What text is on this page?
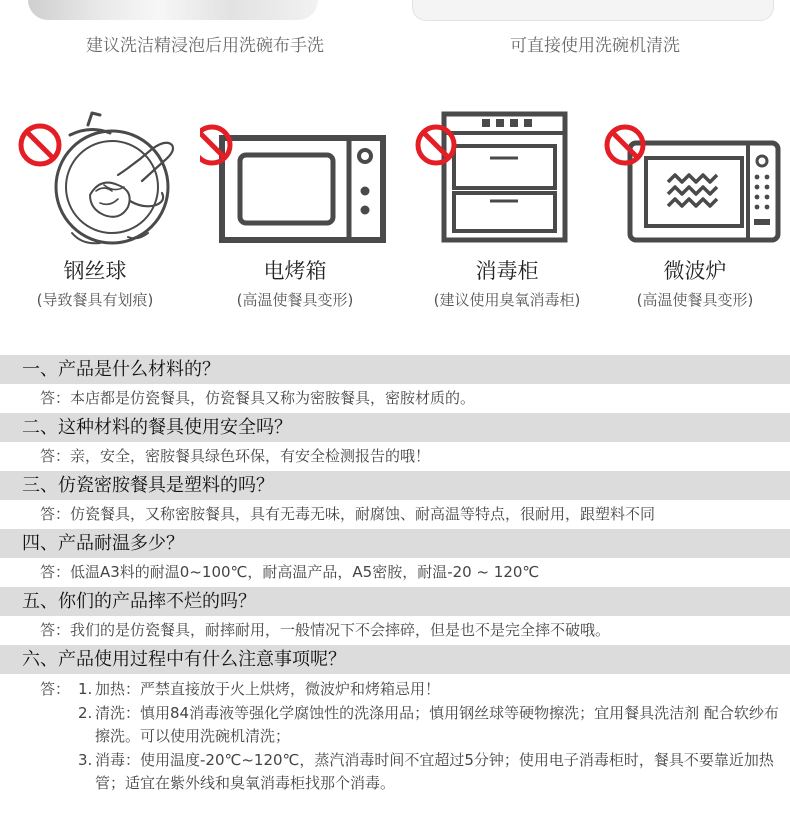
建议洗洁精浸泡后用洗碗布手洗	可直接使用洗碗机清洗
钢丝球
(导致餐具有划痕)
电烤箱
(高温使餐具变形)
消毒柜
(建议使用臭氧消毒柜)
微波炉
(高温使餐具变形)
一、产品是什么材料的？
答：本店都是仿瓷餐具，仿瓷餐具又称为密胺餐具，密胺材质的。
二、这种材料的餐具使用安全吗？
答：亲，安全，密胺餐具绿色环保，有安全检测报告的哦！
三、仿瓷密胺餐具是塑料的吗？
答：仿瓷餐具，又称密胺餐具，具有无毒无味，耐腐蚀、耐高温等特点，很耐用，跟塑料不同
四、产品耐温多少？
答：低温A3料的耐温0~100℃，耐高温产品，A5密胺，耐温-20 ~ 120℃
五、你们的产品摔不烂的吗？
答：我们的是仿瓷餐具，耐摔耐用，一般情况下不会摔碎，但是也不是完全摔不破哦。
六、产品使用过程中有什么注意事项呢？
答： 1. 加热：严禁直接放于火上烘烤，微波炉和烤箱忌用！
2. 清洗：慎用84消毒液等强化学腐蚀性的洗涤用品；慎用钢丝球等硬物擦洗；宜用餐具洗洁剂 配合软纱布擦洗。可以使用洗碗机清洗；
3. 消毒：使用温度-20℃~120℃，蒸汽消毒时间不宜超过5分钟；使用电子消毒柜时，餐具不要靠近加热管；适宜在紫外线和臭氧消毒柜找那个消毒。
